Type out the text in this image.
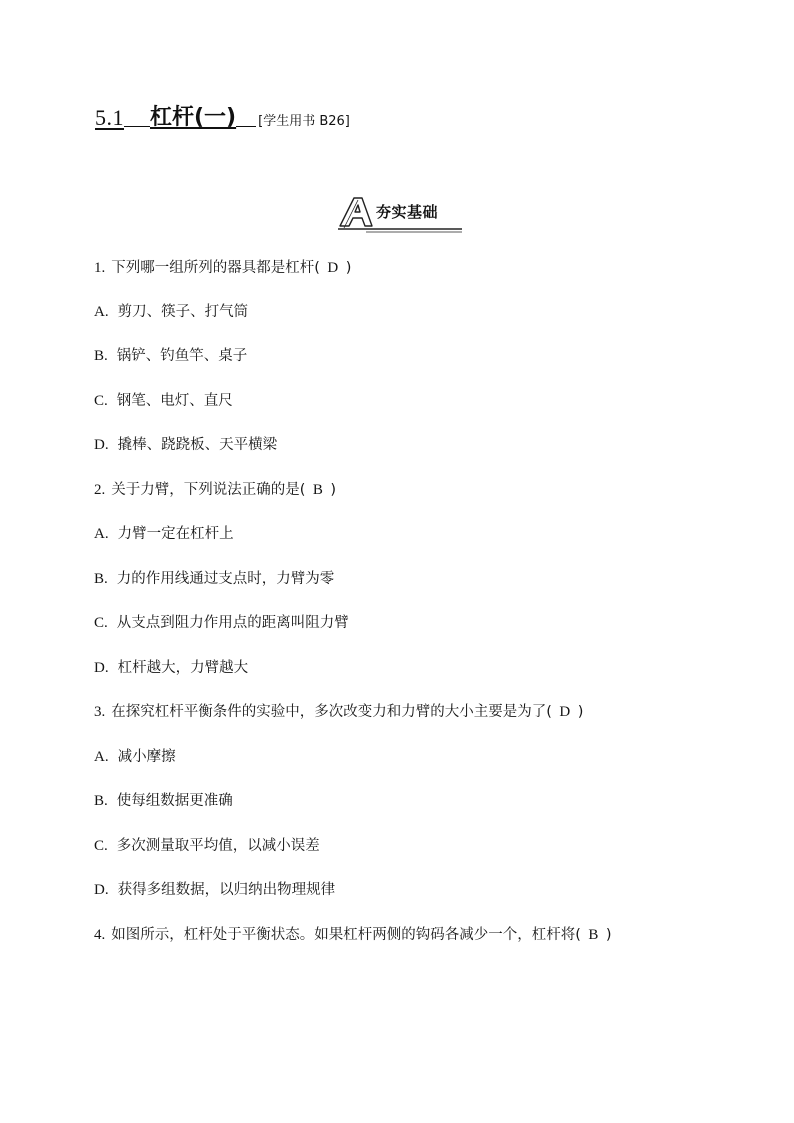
5.1 杠杆(一) [学生用书 B26]
夯实基础
1. 下列哪一组所列的器具都是杠杆( D )
A. 剪刀、筷子、打气筒
B. 锅铲、钓鱼竿、桌子
C. 钢笔、电灯、直尺
D. 撬棒、跷跷板、天平横梁
2. 关于力臂，下列说法正确的是( B )
A. 力臂一定在杠杆上
B. 力的作用线通过支点时，力臂为零
C. 从支点到阻力作用点的距离叫阻力臂
D. 杠杆越大，力臂越大
3. 在探究杠杆平衡条件的实验中，多次改变力和力臂的大小主要是为了( D )
A. 减小摩擦
B. 使每组数据更准确
C. 多次测量取平均值，以减小误差
D. 获得多组数据，以归纳出物理规律
4. 如图所示，杠杆处于平衡状态。如果杠杆两侧的钩码各减少一个，杠杆将( B )
